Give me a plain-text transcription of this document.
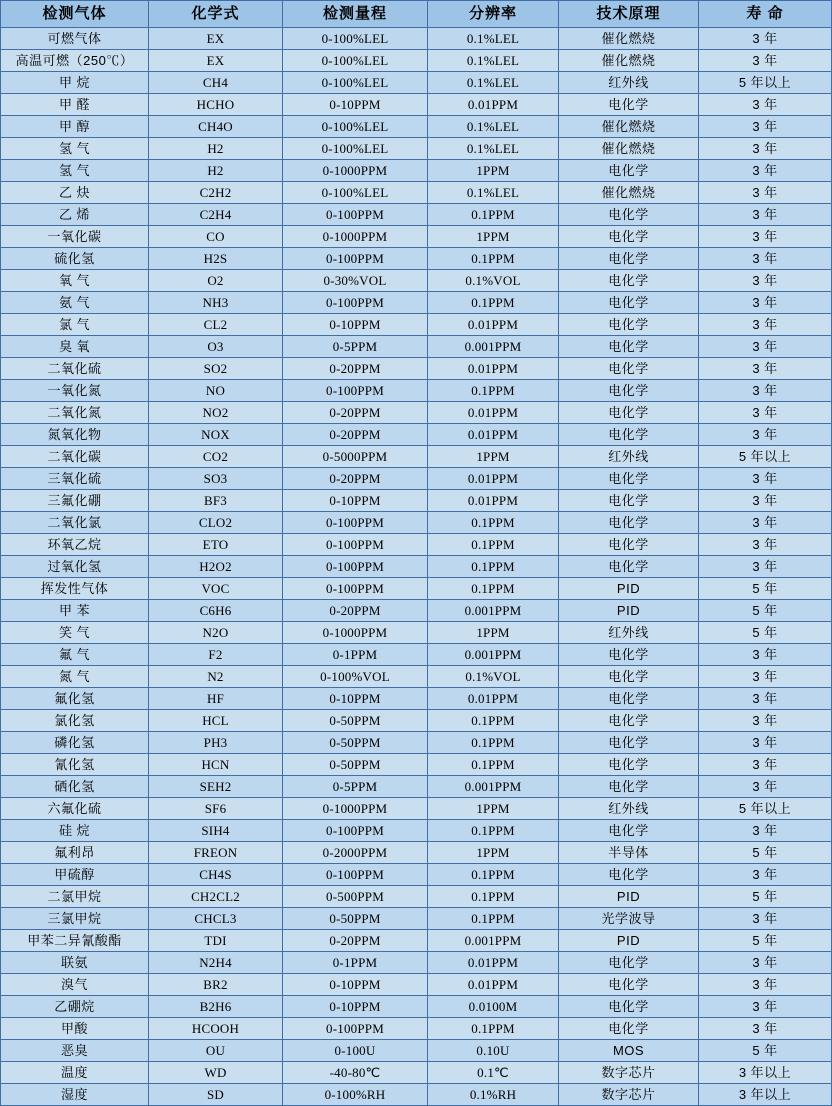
检测气体	化学式	检测量程	分辨率	技术原理	寿 命
可燃气体	EX	0-100%LEL	0.1%LEL	催化燃烧	3 年
高温可燃（250℃）	EX	0-100%LEL	0.1%LEL	催化燃烧	3 年
甲 烷	CH4	0-100%LEL	0.1%LEL	红外线	5 年以上
甲 醛	HCHO	0-10PPM	0.01PPM	电化学	3 年
甲 醇	CH4O	0-100%LEL	0.1%LEL	催化燃烧	3 年
氢 气	H2	0-100%LEL	0.1%LEL	催化燃烧	3 年
氢 气	H2	0-1000PPM	1PPM	电化学	3 年
乙 炔	C2H2	0-100%LEL	0.1%LEL	催化燃烧	3 年
乙 烯	C2H4	0-100PPM	0.1PPM	电化学	3 年
一氧化碳	CO	0-1000PPM	1PPM	电化学	3 年
硫化氢	H2S	0-100PPM	0.1PPM	电化学	3 年
氧 气	O2	0-30%VOL	0.1%VOL	电化学	3 年
氨 气	NH3	0-100PPM	0.1PPM	电化学	3 年
氯 气	CL2	0-10PPM	0.01PPM	电化学	3 年
臭 氧	O3	0-5PPM	0.001PPM	电化学	3 年
二氧化硫	SO2	0-20PPM	0.01PPM	电化学	3 年
一氧化氮	NO	0-100PPM	0.1PPM	电化学	3 年
二氧化氮	NO2	0-20PPM	0.01PPM	电化学	3 年
氮氧化物	NOX	0-20PPM	0.01PPM	电化学	3 年
二氧化碳	CO2	0-5000PPM	1PPM	红外线	5 年以上
三氧化硫	SO3	0-20PPM	0.01PPM	电化学	3 年
三氟化硼	BF3	0-10PPM	0.01PPM	电化学	3 年
二氧化氯	CLO2	0-100PPM	0.1PPM	电化学	3 年
环氧乙烷	ETO	0-100PPM	0.1PPM	电化学	3 年
过氧化氢	H2O2	0-100PPM	0.1PPM	电化学	3 年
挥发性气体	VOC	0-100PPM	0.1PPM	PID	5 年
甲 苯	C6H6	0-20PPM	0.001PPM	PID	5 年
笑 气	N2O	0-1000PPM	1PPM	红外线	5 年
氟 气	F2	0-1PPM	0.001PPM	电化学	3 年
氮 气	N2	0-100%VOL	0.1%VOL	电化学	3 年
氟化氢	HF	0-10PPM	0.01PPM	电化学	3 年
氯化氢	HCL	0-50PPM	0.1PPM	电化学	3 年
磷化氢	PH3	0-50PPM	0.1PPM	电化学	3 年
氰化氢	HCN	0-50PPM	0.1PPM	电化学	3 年
硒化氢	SEH2	0-5PPM	0.001PPM	电化学	3 年
六氟化硫	SF6	0-1000PPM	1PPM	红外线	5 年以上
硅 烷	SIH4	0-100PPM	0.1PPM	电化学	3 年
氟利昂	FREON	0-2000PPM	1PPM	半导体	5 年
甲硫醇	CH4S	0-100PPM	0.1PPM	电化学	3 年
二氯甲烷	CH2CL2	0-500PPM	0.1PPM	PID	5 年
三氯甲烷	CHCL3	0-50PPM	0.1PPM	光学波导	3 年
甲苯二异氰酸酯	TDI	0-20PPM	0.001PPM	PID	5 年
联氨	N2H4	0-1PPM	0.01PPM	电化学	3 年
溴气	BR2	0-10PPM	0.01PPM	电化学	3 年
乙硼烷	B2H6	0-10PPM	0.0100M	电化学	3 年
甲酸	HCOOH	0-100PPM	0.1PPM	电化学	3 年
恶臭	OU	0-100U	0.10U	MOS	5 年
温度	WD	-40-80℃	0.1℃	数字芯片	3 年以上
湿度	SD	0-100%RH	0.1%RH	数字芯片	3 年以上
